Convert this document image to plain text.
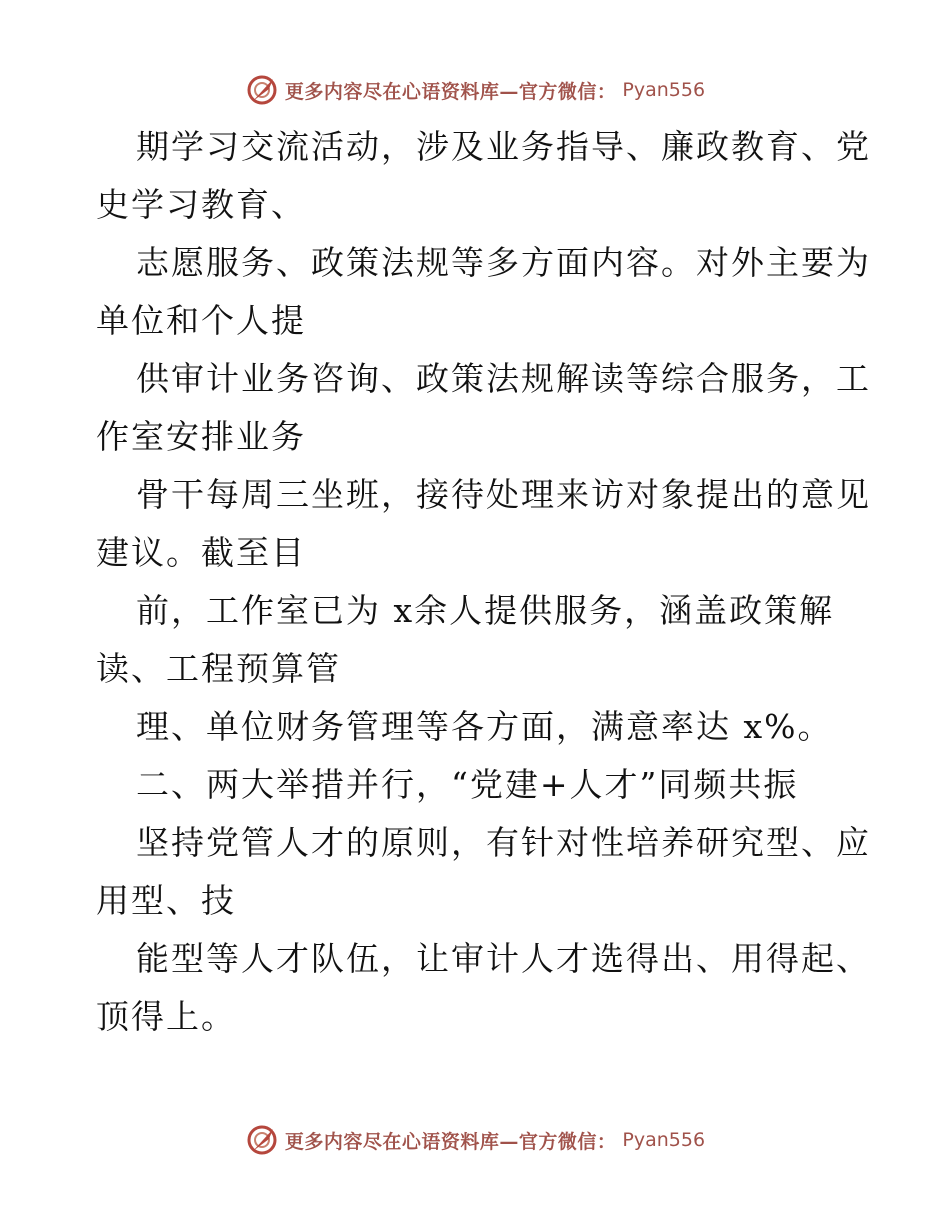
更多内容尽在心语资料库—官方微信： Pyan556
期学习交流活动，涉及业务指导、廉政教育、党
史学习教育、
志愿服务、政策法规等多方面内容。对外主要为
单位和个人提
供审计业务咨询、政策法规解读等综合服务，工
作室安排业务
骨干每周三坐班，接待处理来访对象提出的意见
建议。截至目
前，工作室已为 x余人提供服务，涵盖政策解
读、工程预算管
理、单位财务管理等各方面，满意率达 x%。
二、两大举措并行，“党建+人才”同频共振
坚持党管人才的原则，有针对性培养研究型、应
用型、技
能型等人才队伍，让审计人才选得出、用得起、
顶得上。
更多内容尽在心语资料库—官方微信： Pyan556
